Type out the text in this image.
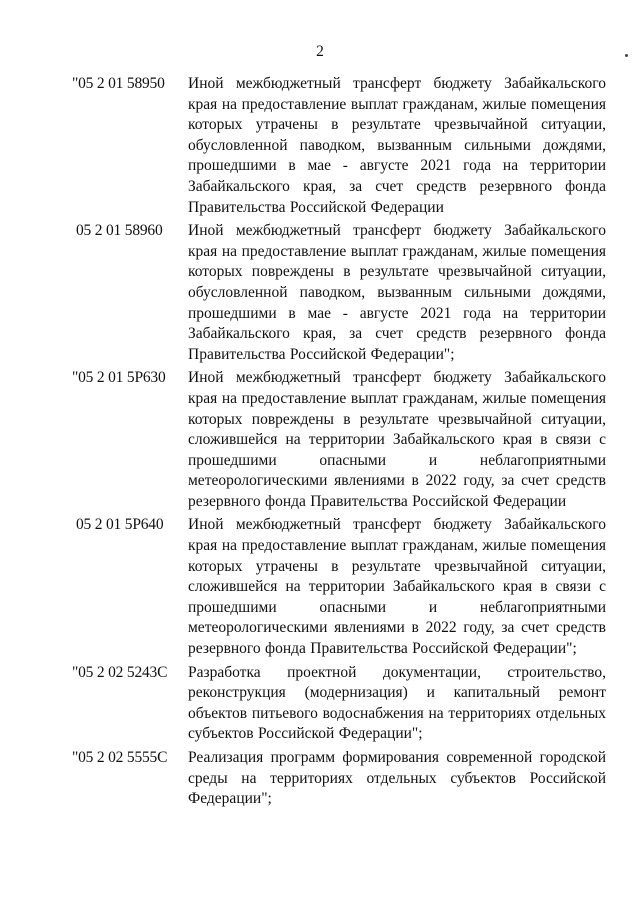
2
"05 2 01 58950	Иной межбюджетный трансферт бюджету Забайкальского края на предоставление выплат гражданам, жилые помещения которых утрачены в результате чрезвычайной ситуации, обусловленной паводком, вызванным сильными дождями, прошедшими в мае - августе 2021 года на территории Забайкальского края, за счет средств резервного фонда Правительства Российской Федерации
05 2 01 58960	Иной межбюджетный трансферт бюджету Забайкальского края на предоставление выплат гражданам, жилые помещения которых повреждены в результате чрезвычайной ситуации, обусловленной паводком, вызванным сильными дождями, прошедшими в мае - августе 2021 года на территории Забайкальского края, за счет средств резервного фонда Правительства Российской Федерации";
"05 2 01 5Р630	Иной межбюджетный трансферт бюджету Забайкальского края на предоставление выплат гражданам, жилые помещения которых повреждены в результате чрезвычайной ситуации, сложившейся на территории Забайкальского края в связи с прошедшими опасными и неблагоприятными метеорологическими явлениями в 2022 году, за счет средств резервного фонда Правительства Российской Федерации
05 2 01 5Р640	Иной межбюджетный трансферт бюджету Забайкальского края на предоставление выплат гражданам, жилые помещения которых утрачены в результате чрезвычайной ситуации, сложившейся на территории Забайкальского края в связи с прошедшими опасными и неблагоприятными метеорологическими явлениями в 2022 году, за счет средств резервного фонда Правительства Российской Федерации";
"05 2 02 5243С	Разработка проектной документации, строительство, реконструкция (модернизация) и капитальный ремонт объектов питьевого водоснабжения на территориях отдельных субъектов Российской Федерации";
"05 2 02 5555С	Реализация программ формирования современной городской среды на территориях отдельных субъектов Российской Федерации";
